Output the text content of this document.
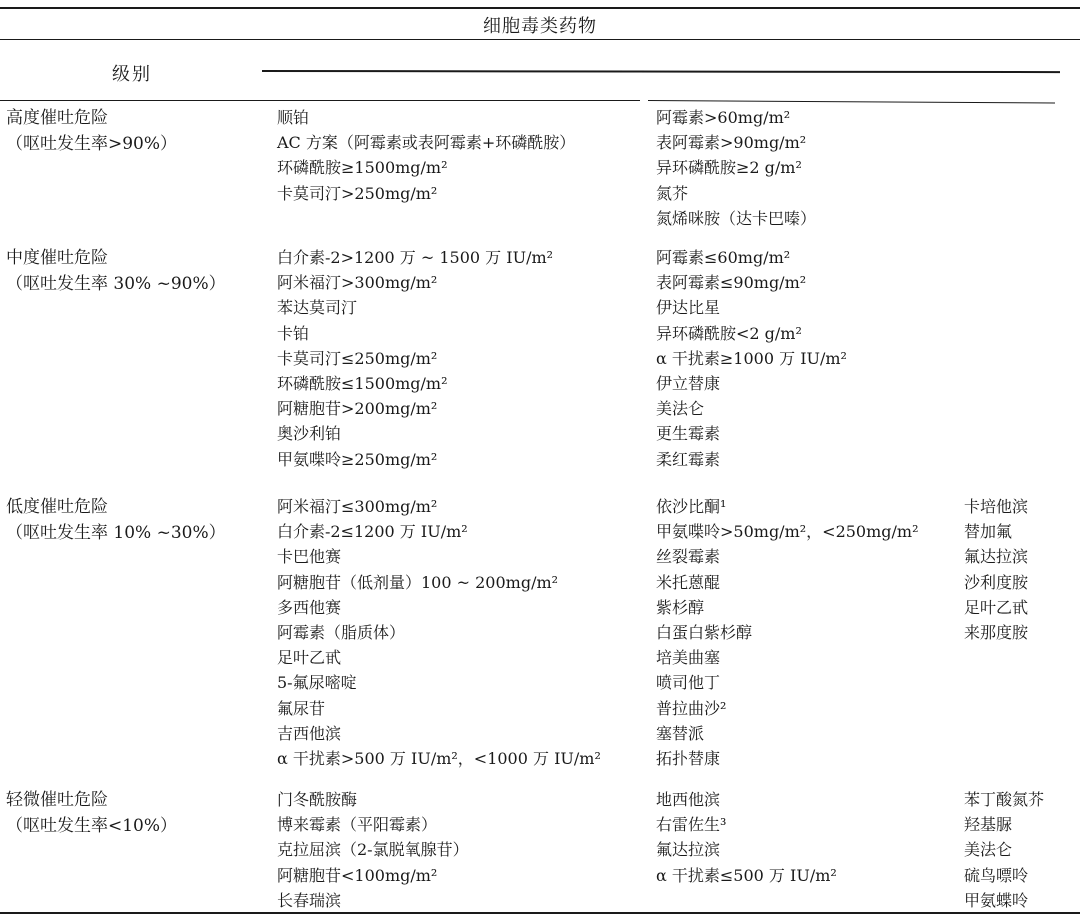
细胞毒类药物
级别
高度催吐危险
（呕吐发生率>90%）
顺铂
AC 方案（阿霉素或表阿霉素+环磷酰胺）
环磷酰胺≥1500mg/m²
卡莫司汀>250mg/m²
阿霉素>60mg/m²
表阿霉素>90mg/m²
异环磷酰胺≥2 g/m²
氮芥
氮烯咪胺（达卡巴嗪）
中度催吐危险
（呕吐发生率 30% ~90%）
白介素-2>1200 万 ~ 1500 万 IU/m²
阿米福汀>300mg/m²
苯达莫司汀
卡铂
卡莫司汀≤250mg/m²
环磷酰胺≤1500mg/m²
阿糖胞苷>200mg/m²
奥沙利铂
甲氨喋呤≥250mg/m²
阿霉素≤60mg/m²
表阿霉素≤90mg/m²
伊达比星
异环磷酰胺<2 g/m²
α 干扰素≥1000 万 IU/m²
伊立替康
美法仑
更生霉素
柔红霉素
低度催吐危险
（呕吐发生率 10% ~30%）
阿米福汀≤300mg/m²
白介素-2≤1200 万 IU/m²
卡巴他赛
阿糖胞苷（低剂量）100 ~ 200mg/m²
多西他赛
阿霉素（脂质体）
足叶乙甙
5-氟尿嘧啶
氟尿苷
吉西他滨
α 干扰素>500 万 IU/m²，<1000 万 IU/m²
依沙比酮¹
甲氨喋呤>50mg/m²，<250mg/m²
丝裂霉素
米托蒽醌
紫杉醇
白蛋白紫杉醇
培美曲塞
喷司他丁
普拉曲沙²
塞替派
拓扑替康
卡培他滨
替加氟
氟达拉滨
沙利度胺
足叶乙甙
来那度胺
轻微催吐危险
（呕吐发生率<10%）
门冬酰胺酶
博来霉素（平阳霉素）
克拉屈滨（2-氯脱氧腺苷）
阿糖胞苷<100mg/m²
长春瑞滨
地西他滨
右雷佐生³
氟达拉滨
α 干扰素≤500 万 IU/m²
苯丁酸氮芥
羟基脲
美法仑
硫鸟嘌呤
甲氨蝶呤
